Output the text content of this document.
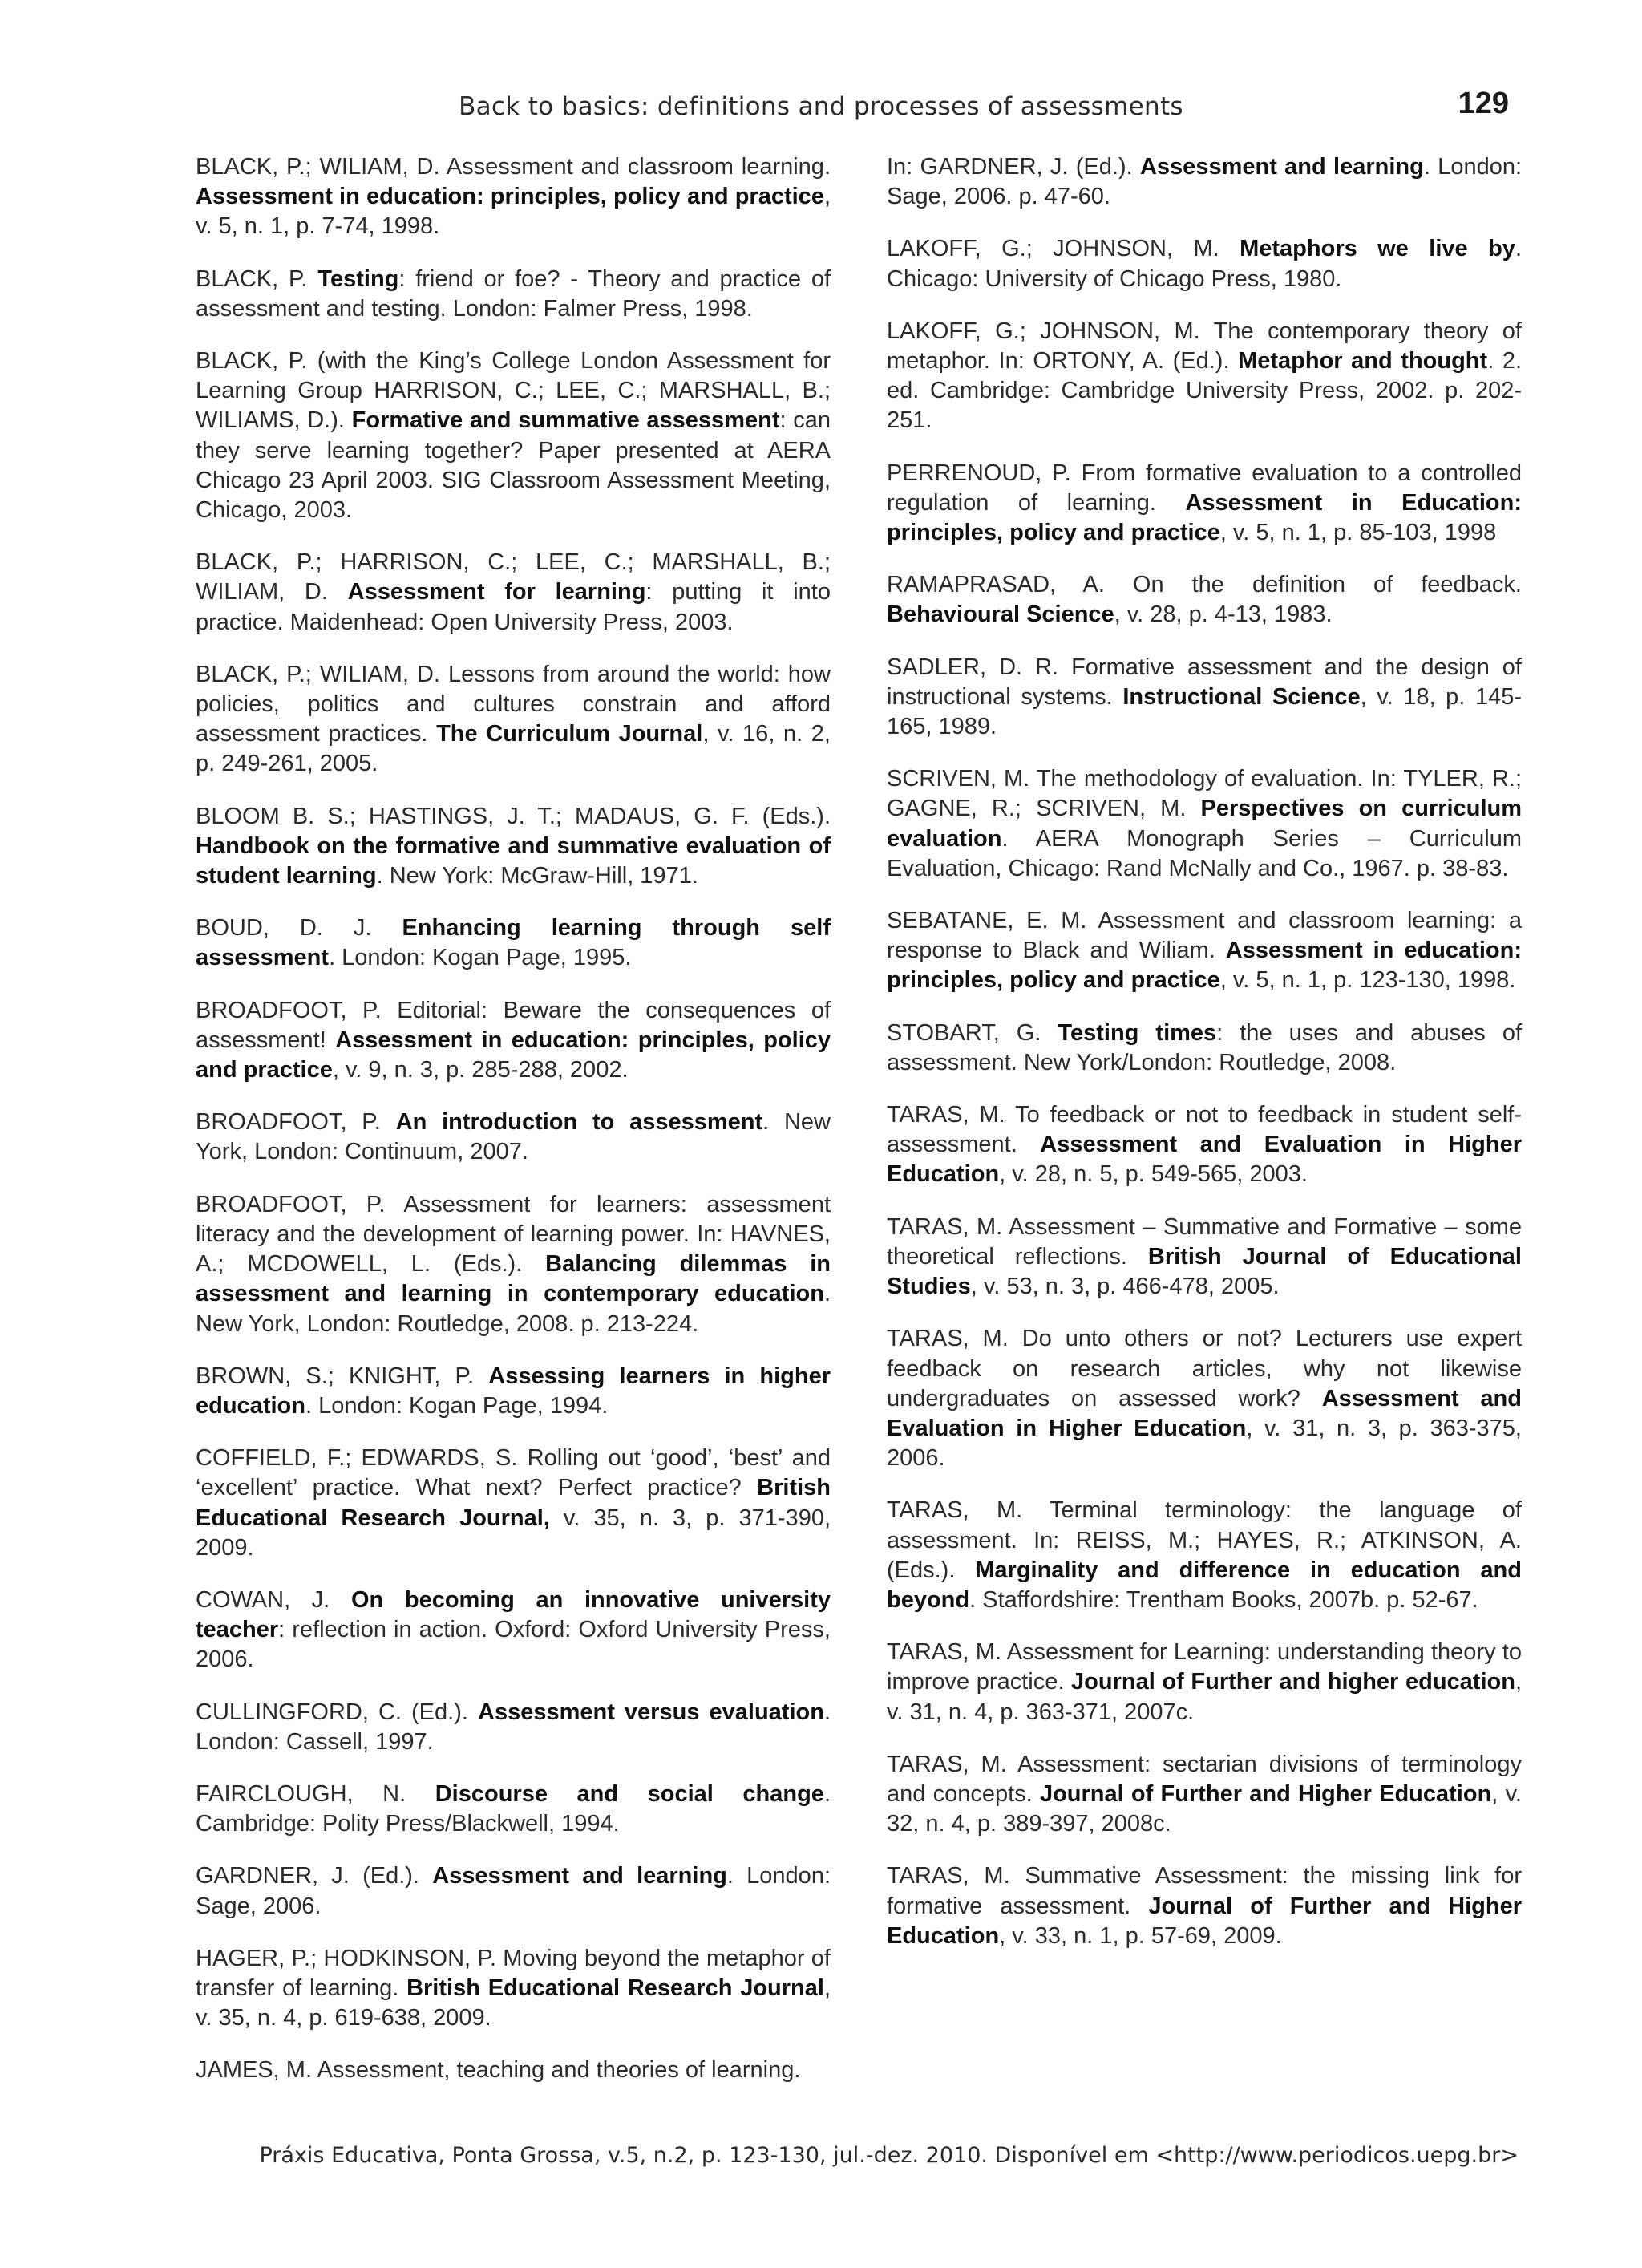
Back to basics: definitions and processes of assessments	129

BLACK, P.; WILIAM, D. Assessment and classroom learning. Assessment in education: principles, policy and practice, v. 5, n. 1, p. 7-74, 1998.

BLACK, P. Testing: friend or foe? - Theory and practice of assessment and testing. London: Falmer Press, 1998.

BLACK, P. (with the King’s College London Assessment for Learning Group HARRISON, C.; LEE, C.; MARSHALL, B.; WILIAMS, D.). Formative and summative assessment: can they serve learning together? Paper presented at AERA Chicago 23 April 2003. SIG Classroom Assessment Meeting, Chicago, 2003.

BLACK, P.; HARRISON, C.; LEE, C.; MARSHALL, B.; WILIAM, D. Assessment for learning: putting it into practice. Maidenhead: Open University Press, 2003.

BLACK, P.; WILIAM, D. Lessons from around the world: how policies, politics and cultures constrain and afford assessment practices. The Curriculum Journal, v. 16, n. 2, p. 249-261, 2005.

BLOOM B. S.; HASTINGS, J. T.; MADAUS, G. F. (Eds.). Handbook on the formative and summative evaluation of student learning. New York: McGraw-Hill, 1971.

BOUD, D. J. Enhancing learning through self assessment. London: Kogan Page, 1995.

BROADFOOT, P. Editorial: Beware the consequences of assessment! Assessment in education: principles, policy and practice, v. 9, n. 3, p. 285-288, 2002.

BROADFOOT, P. An introduction to assessment. New York, London: Continuum, 2007.

BROADFOOT, P. Assessment for learners: assessment literacy and the development of learning power. In: HAVNES, A.; MCDOWELL, L. (Eds.). Balancing dilemmas in assessment and learning in contemporary education. New York, London: Routledge, 2008. p. 213-224.

BROWN, S.; KNIGHT, P. Assessing learners in higher education. London: Kogan Page, 1994.

COFFIELD, F.; EDWARDS, S. Rolling out ‘good’, ‘best’ and ‘excellent’ practice. What next? Perfect practice? British Educational Research Journal, v. 35, n. 3, p. 371-390, 2009.

COWAN, J. On becoming an innovative university teacher: reflection in action. Oxford: Oxford University Press, 2006.

CULLINGFORD, C. (Ed.). Assessment versus evaluation. London: Cassell, 1997.

FAIRCLOUGH, N. Discourse and social change. Cambridge: Polity Press/Blackwell, 1994.

GARDNER, J. (Ed.). Assessment and learning. London: Sage, 2006.

HAGER, P.; HODKINSON, P. Moving beyond the metaphor of transfer of learning. British Educational Research Journal, v. 35, n. 4, p. 619-638, 2009.

JAMES, M. Assessment, teaching and theories of learning.

In: GARDNER, J. (Ed.). Assessment and learning. London: Sage, 2006. p. 47-60.

LAKOFF, G.; JOHNSON, M. Metaphors we live by. Chicago: University of Chicago Press, 1980.

LAKOFF, G.; JOHNSON, M. The contemporary theory of metaphor. In: ORTONY, A. (Ed.). Metaphor and thought. 2. ed. Cambridge: Cambridge University Press, 2002. p. 202-251.

PERRENOUD, P. From formative evaluation to a controlled regulation of learning. Assessment in Education: principles, policy and practice, v. 5, n. 1, p. 85-103, 1998

RAMAPRASAD, A. On the definition of feedback. Behavioural Science, v. 28, p. 4-13, 1983.

SADLER, D. R. Formative assessment and the design of instructional systems. Instructional Science, v. 18, p. 145-165, 1989.

SCRIVEN, M. The methodology of evaluation. In: TYLER, R.; GAGNE, R.; SCRIVEN, M. Perspectives on curriculum evaluation. AERA Monograph Series – Curriculum Evaluation, Chicago: Rand McNally and Co., 1967. p. 38-83.

SEBATANE, E. M. Assessment and classroom learning: a response to Black and Wiliam. Assessment in education: principles, policy and practice, v. 5, n. 1, p. 123-130, 1998.

STOBART, G. Testing times: the uses and abuses of assessment. New York/London: Routledge, 2008.

TARAS, M. To feedback or not to feedback in student self-assessment. Assessment and Evaluation in Higher Education, v. 28, n. 5, p. 549-565, 2003.

TARAS, M. Assessment – Summative and Formative – some theoretical reflections. British Journal of Educational Studies, v. 53, n. 3, p. 466-478, 2005.

TARAS, M. Do unto others or not? Lecturers use expert feedback on research articles, why not likewise undergraduates on assessed work? Assessment and Evaluation in Higher Education, v. 31, n. 3, p. 363-375, 2006.

TARAS, M. Terminal terminology: the language of assessment. In: REISS, M.; HAYES, R.; ATKINSON, A. (Eds.). Marginality and difference in education and beyond. Staffordshire: Trentham Books, 2007b. p. 52-67.

TARAS, M. Assessment for Learning: understanding theory to improve practice. Journal of Further and higher education, v. 31, n. 4, p. 363-371, 2007c.

TARAS, M. Assessment: sectarian divisions of terminology and concepts. Journal of Further and Higher Education, v. 32, n. 4, p. 389-397, 2008c.

TARAS, M. Summative Assessment: the missing link for formative assessment. Journal of Further and Higher Education, v. 33, n. 1, p. 57-69, 2009.

Práxis Educativa, Ponta Grossa, v.5, n.2, p. 123-130, jul.-dez. 2010. Disponível em <http://www.periodicos.uepg.br>
